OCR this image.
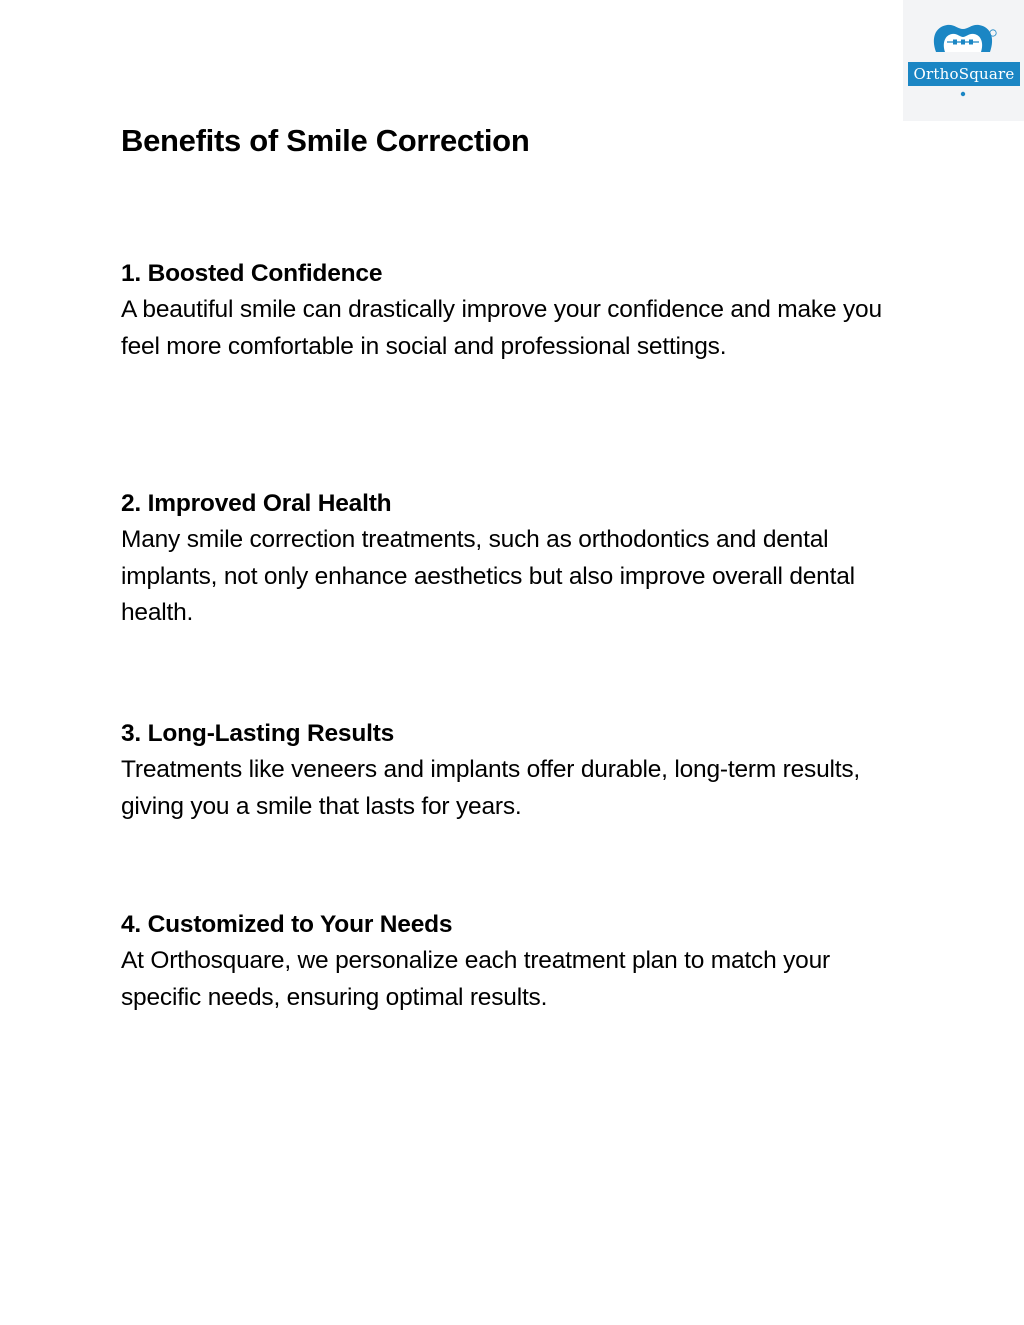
OrthoSquare
Benefits of Smile Correction

1. Boosted Confidence

A beautiful smile can drastically improve your confidence and make you feel more comfortable in social and professional settings.

2. Improved Oral Health

Many smile correction treatments, such as orthodontics and dental implants, not only enhance aesthetics but also improve overall dental health.

3. Long-Lasting Results

Treatments like veneers and implants offer durable, long-term results, giving you a smile that lasts for years.

4. Customized to Your Needs

At Orthosquare, we personalize each treatment plan to match your specific needs, ensuring optimal results.
